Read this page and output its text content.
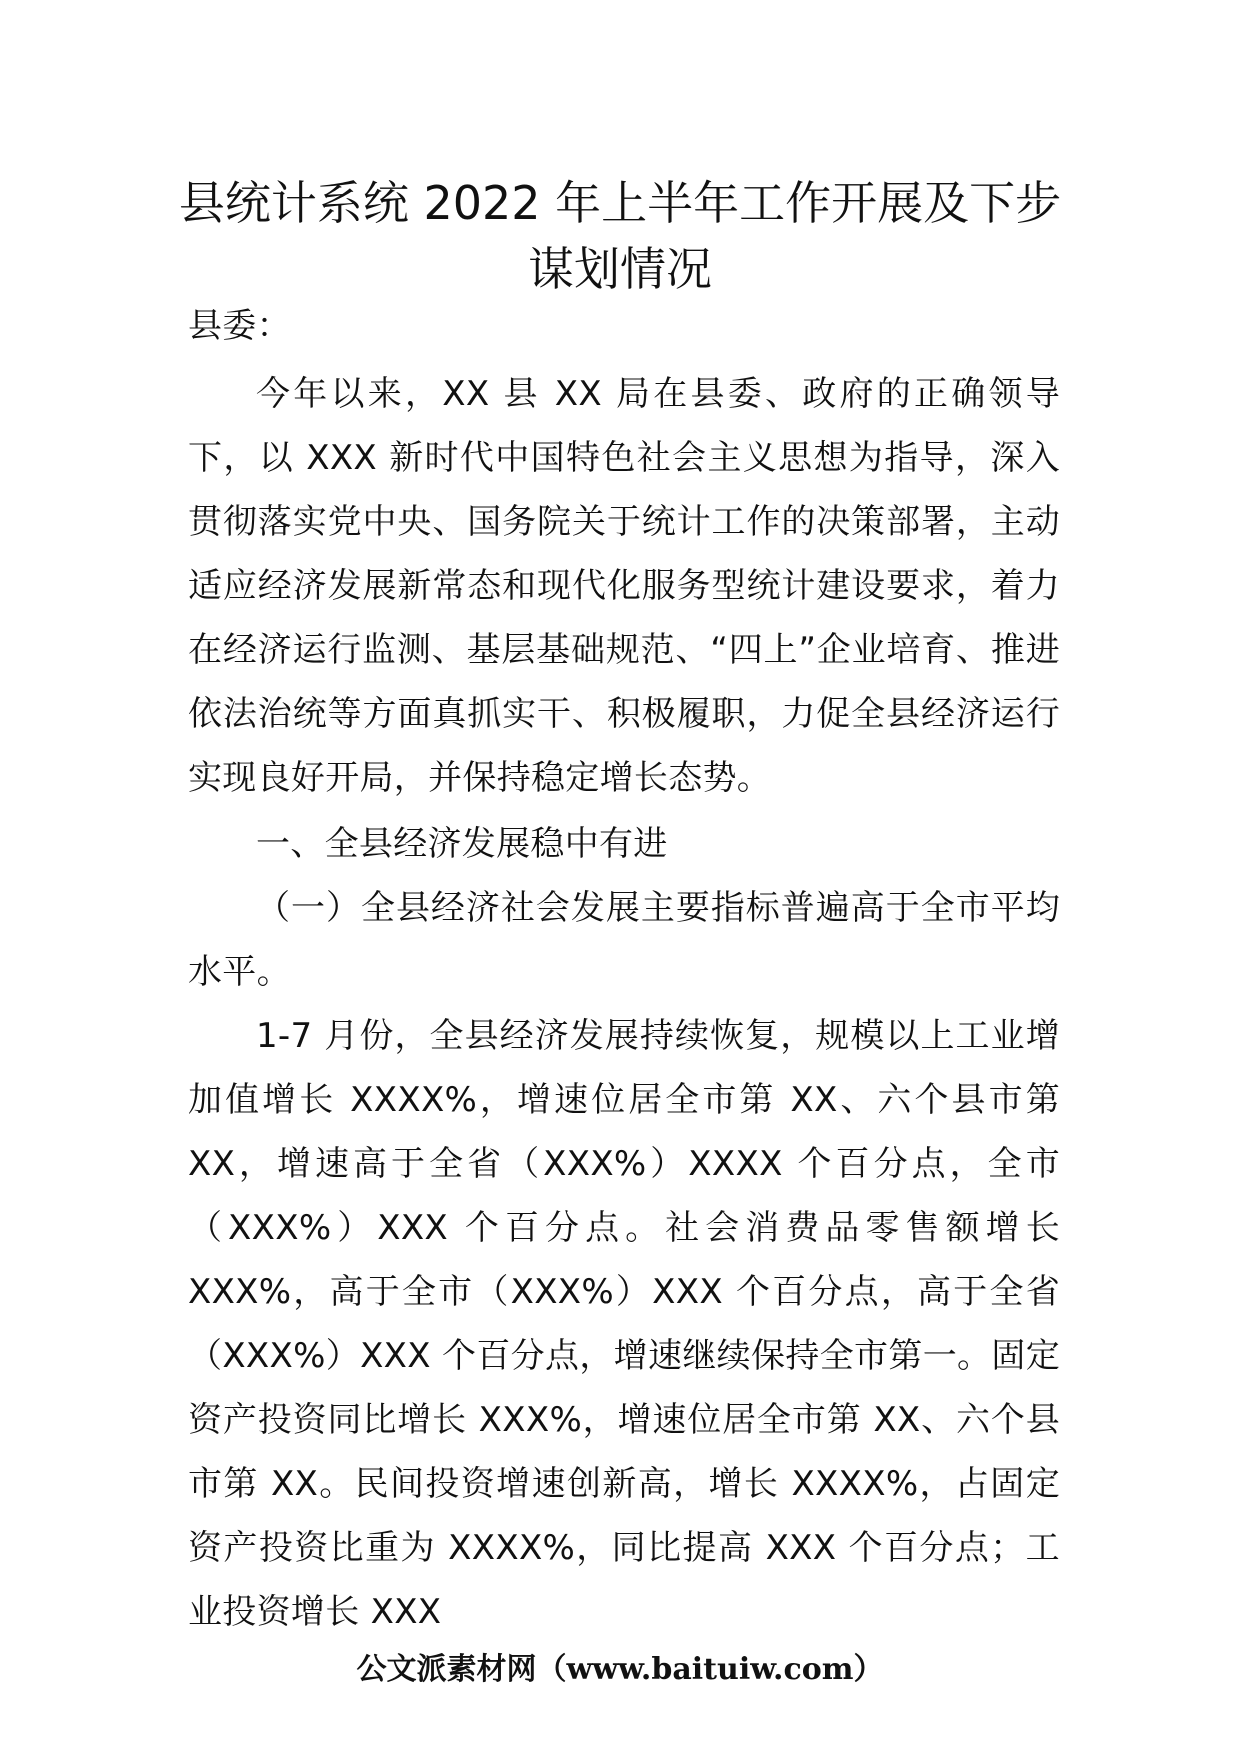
县统计系统 2022 年上半年工作开展及下步
谋划情况

县委：

今年以来，XX 县 XX 局在县委、政府的正确领导下，以 XXX 新时代中国特色社会主义思想为指导，深入贯彻落实党中央、国务院关于统计工作的决策部署，主动适应经济发展新常态和现代化服务型统计建设要求，着力在经济运行监测、基层基础规范、“四上”企业培育、推进依法治统等方面真抓实干、积极履职，力促全县经济运行实现良好开局，并保持稳定增长态势。

一、全县经济发展稳中有进

（一）全县经济社会发展主要指标普遍高于全市平均水平。

1-7 月份，全县经济发展持续恢复，规模以上工业增加值增长 XXXX%，增速位居全市第 XX、六个县市第 XX，增速高于全省（XXX%）XXXX 个百分点，全市（XXX%）XXX 个百分点。社会消费品零售额增长 XXX%，高于全市（XXX%）XXX 个百分点，高于全省（XXX%）XXX 个百分点，增速继续保持全市第一。固定资产投资同比增长 XXX%，增速位居全市第 XX、六个县市第 XX。民间投资增速创新高，增长 XXXX%，占固定资产投资比重为 XXXX%，同比提高 XXX 个百分点；工业投资增长 XXX

公文派素材网（www.baituiw.com）
